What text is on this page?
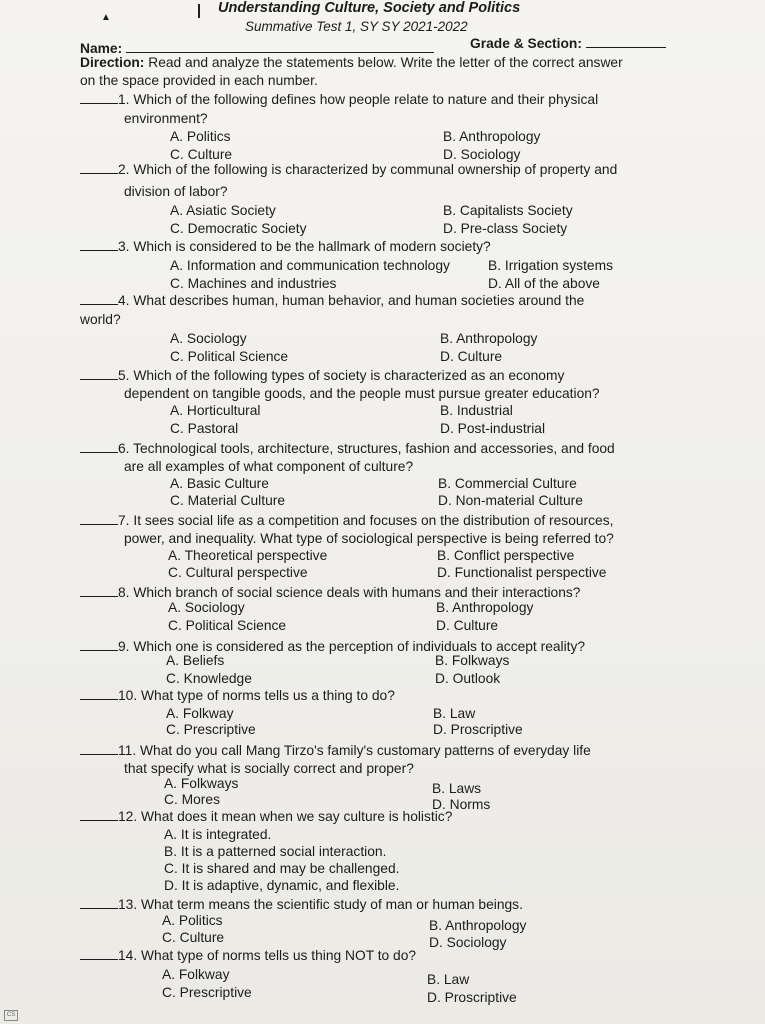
▲
Understanding Culture, Society and Politics
Summative Test 1, SY SY 2021-2022
Name:	Grade & Section:
Direction: Read and analyze the statements below. Write the letter of the correct answer
on the space provided in each number.
1. Which of the following defines how people relate to nature and their physical
environment?
A. Politics	B. Anthropology
C. Culture	D. Sociology
2. Which of the following is characterized by communal ownership of property and
division of labor?
A. Asiatic Society	B. Capitalists Society
C. Democratic Society	D. Pre-class Society
3. Which is considered to be the hallmark of modern society?
A. Information and communication technology	B. Irrigation systems
C. Machines and industries	D. All of the above
4. What describes human, human behavior, and human societies around the
world?
A. Sociology	B. Anthropology
C. Political Science	D. Culture
5. Which of the following types of society is characterized as an economy
dependent on tangible goods, and the people must pursue greater education?
A. Horticultural	B. Industrial
C. Pastoral	D. Post-industrial
6. Technological tools, architecture, structures, fashion and accessories, and food
are all examples of what component of culture?
A. Basic Culture	B. Commercial Culture
C. Material Culture	D. Non-material Culture
7. It sees social life as a competition and focuses on the distribution of resources,
power, and inequality. What type of sociological perspective is being referred to?
A. Theoretical perspective	B. Conflict perspective
C. Cultural perspective	D. Functionalist perspective
8. Which branch of social science deals with humans and their interactions?
A. Sociology	B. Anthropology
C. Political Science	D. Culture
9. Which one is considered as the perception of individuals to accept reality?
A. Beliefs	B. Folkways
C. Knowledge	D. Outlook
10. What type of norms tells us a thing to do?
A. Folkway	B. Law
C. Prescriptive	D. Proscriptive
11. What do you call Mang Tirzo's family's customary patterns of everyday life
that specify what is socially correct and proper?
A. Folkways	B. Laws
C. Mores	D. Norms
12. What does it mean when we say culture is holistic?
A. It is integrated.
B. It is a patterned social interaction.
C. It is shared and may be challenged.
D. It is adaptive, dynamic, and flexible.
13. What term means the scientific study of man or human beings.
A. Politics	B. Anthropology
C. Culture	D. Sociology
14. What type of norms tells us thing NOT to do?
A. Folkway	B. Law
C. Prescriptive	D. Proscriptive
CS
